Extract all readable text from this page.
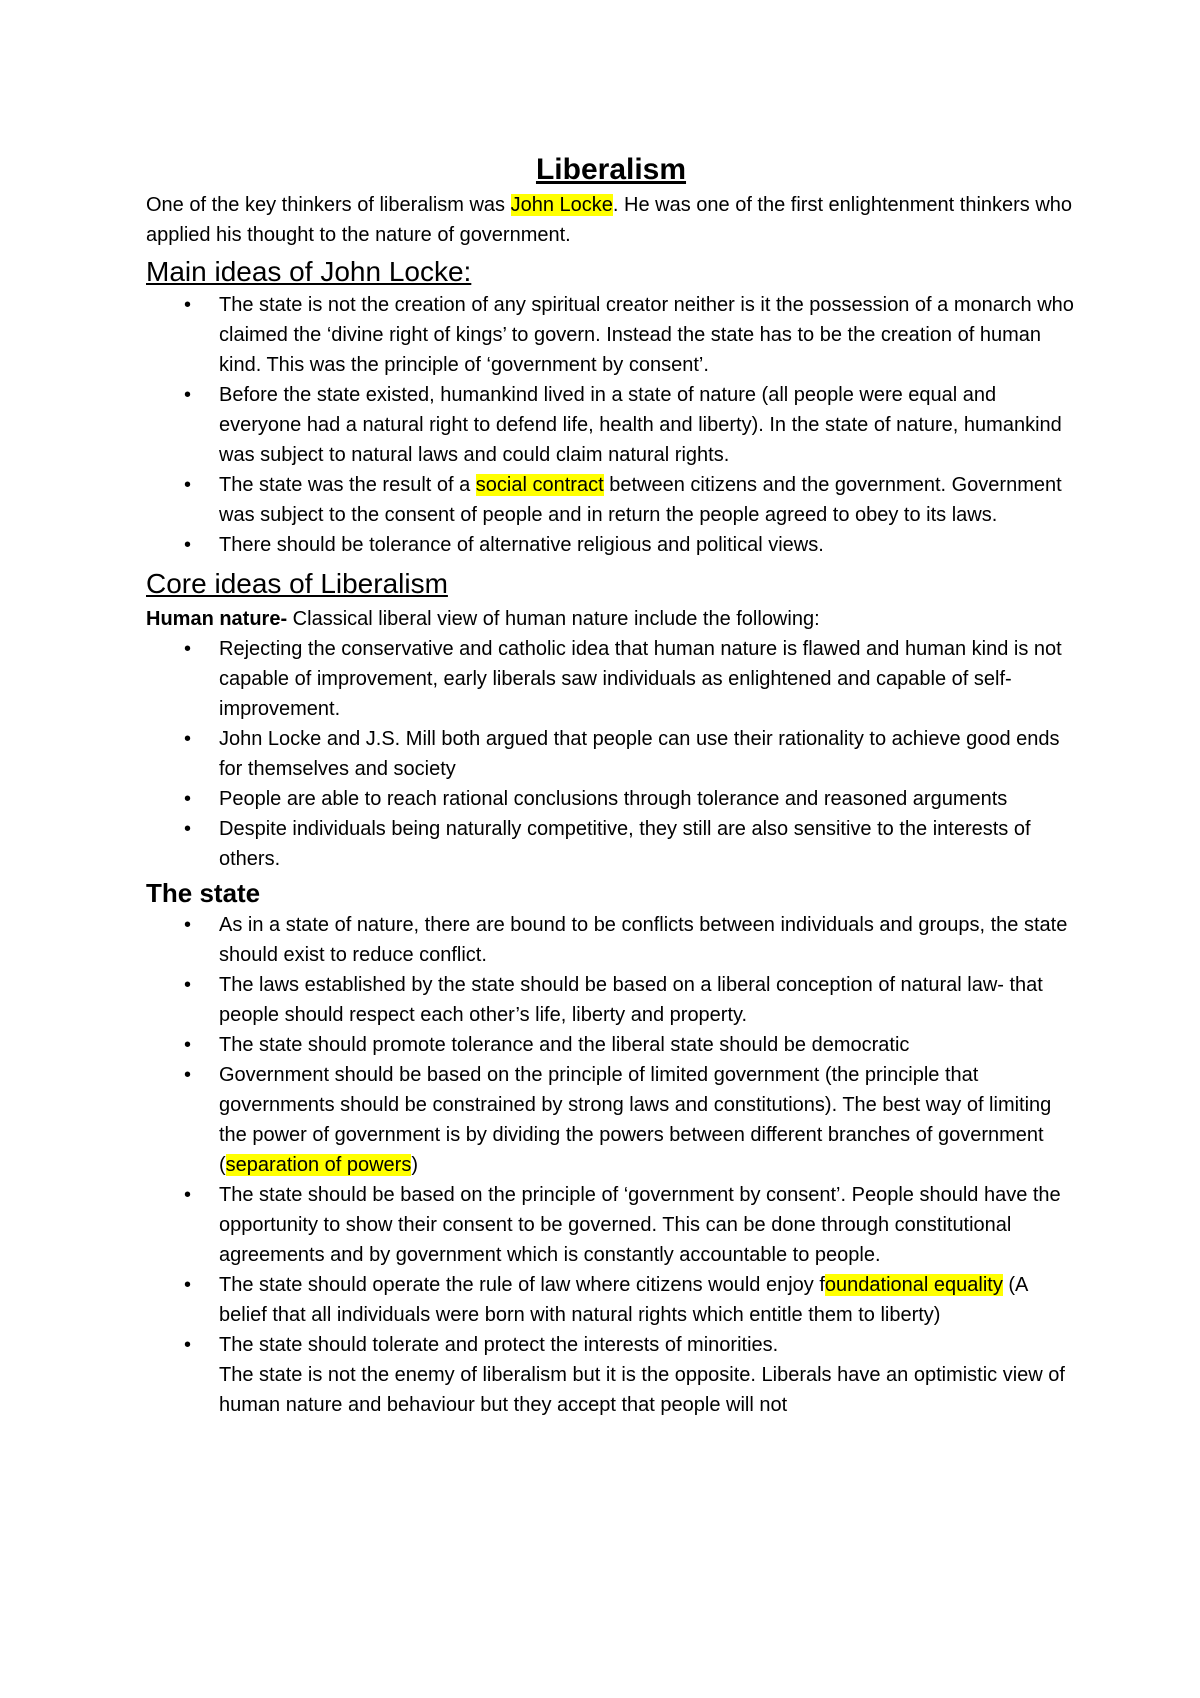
Liberalism

One of the key thinkers of liberalism was John Locke. He was one of the first enlightenment thinkers who applied his thought to the nature of government.

Main ideas of John Locke:
• The state is not the creation of any spiritual creator neither is it the possession of a monarch who claimed the ‘divine right of kings’ to govern. Instead the state has to be the creation of human kind. This was the principle of ‘government by consent’.
• Before the state existed, humankind lived in a state of nature (all people were equal and everyone had a natural right to defend life, health and liberty). In the state of nature, humankind was subject to natural laws and could claim natural rights.
• The state was the result of a social contract between citizens and the government. Government was subject to the consent of people and in return the people agreed to obey to its laws.
• There should be tolerance of alternative religious and political views.
Core ideas of Liberalism

Human nature- Classical liberal view of human nature include the following:

• Rejecting the conservative and catholic idea that human nature is flawed and human kind is not capable of improvement, early liberals saw individuals as enlightened and capable of self-improvement.
• John Locke and J.S. Mill both argued that people can use their rationality to achieve good ends for themselves and society
• People are able to reach rational conclusions through tolerance and reasoned arguments
• Despite individuals being naturally competitive, they still are also sensitive to the interests of others.
The state
• As in a state of nature, there are bound to be conflicts between individuals and groups, the state should exist to reduce conflict.
• The laws established by the state should be based on a liberal conception of natural law- that people should respect each other’s life, liberty and property.
• The state should promote tolerance and the liberal state should be democratic
• Government should be based on the principle of limited government (the principle that governments should be constrained by strong laws and constitutions). The best way of limiting the power of government is by dividing the powers between different branches of government (separation of powers)
• The state should be based on the principle of ‘government by consent’. People should have the opportunity to show their consent to be governed. This can be done through constitutional agreements and by government which is constantly accountable to people.
• The state should operate the rule of law where citizens would enjoy foundational equality (A belief that all individuals were born with natural rights which entitle them to liberty)
• The state should tolerate and protect the interests of minorities.
The state is not the enemy of liberalism but it is the opposite. Liberals have an optimistic view of human nature and behaviour but they accept that people will not
